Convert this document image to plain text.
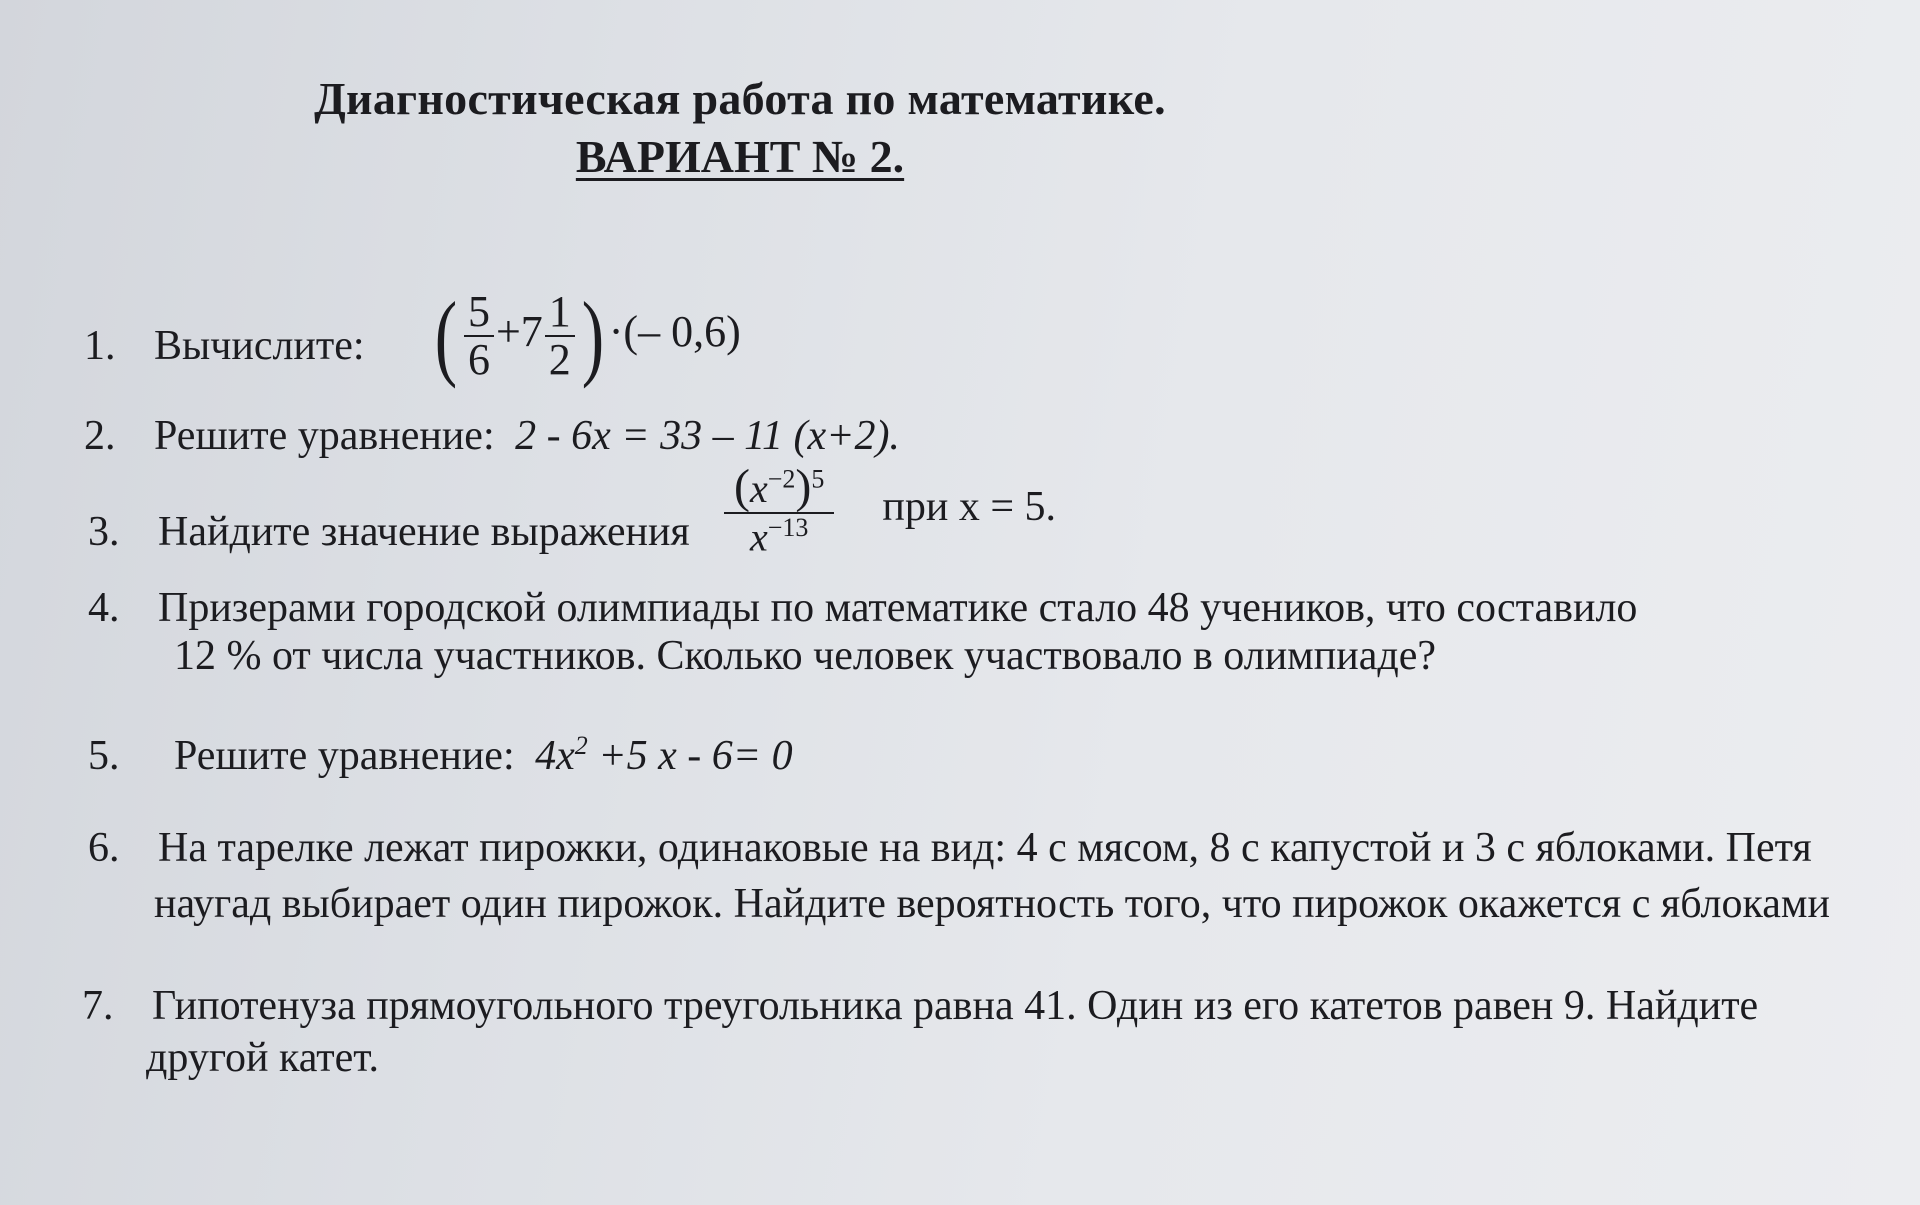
Диагностическая работа по математике.
ВАРИАНТ № 2.
1. Вычислите: ( $\frac{5}{6} +7 \frac{1}{2}$ ) ·(– 0,6)
2. Решите уравнение: 2 - 6x = 33 – 11 (x+2).
3. Найдите значение выражения $\frac{(x^{-2})^5}{x^{-13}}$ при x = 5.
4. Призерами городской олимпиады по математике стало 48 учеников, что составило
12 % от числа участников. Сколько человек участвовало в олимпиаде?
5. Решите уравнение: $4x^2 +5$ x - 6= 0
6. На тарелке лежат пирожки, одинаковые на вид: 4 с мясом, 8 с капустой и 3 с яблоками. Петя
наугад выбирает один пирожок. Найдите вероятность того, что пирожок окажется с яблоками
7. Гипотенуза прямоугольного треугольника равна 41. Один из его катетов равен 9. Найдите
другой катет.
